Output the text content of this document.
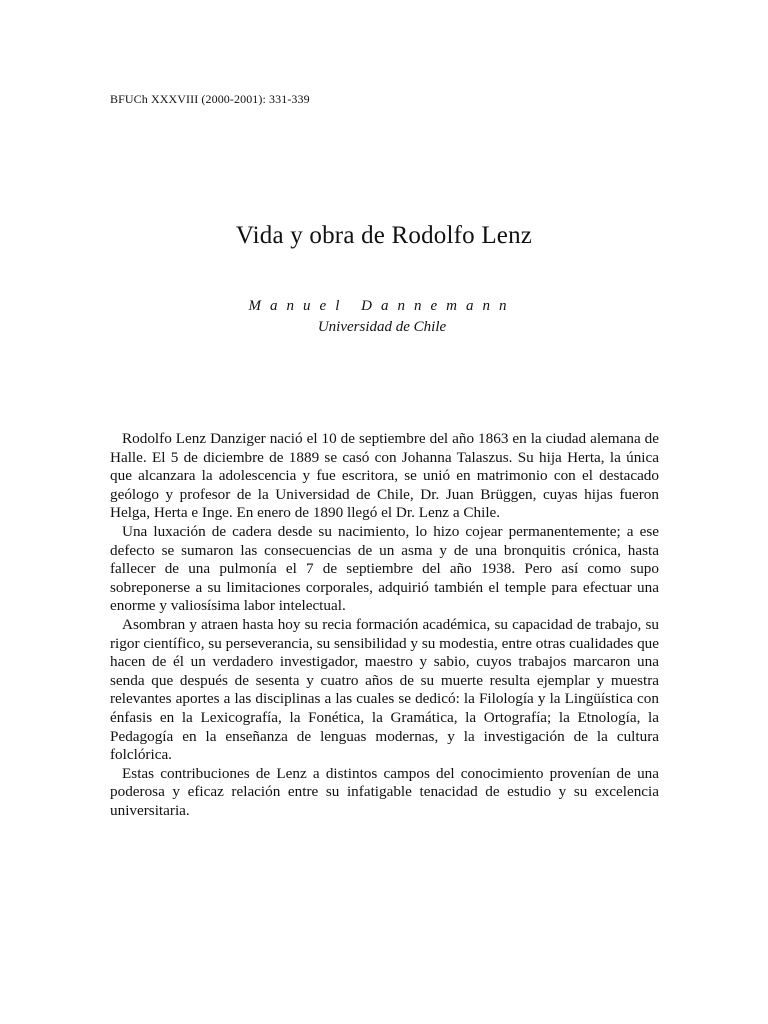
BFUCh XXXVIII (2000-2001): 331-339
Vida y obra de Rodolfo Lenz
Manuel Dannemann
Universidad de Chile

Rodolfo Lenz Danziger nació el 10 de septiembre del año 1863 en la ciudad alemana de Halle. El 5 de diciembre de 1889 se casó con Johanna Talaszus. Su hija Herta, la única que alcanzara la adolescencia y fue escritora, se unió en matrimonio con el destacado geólogo y profesor de la Universidad de Chile, Dr. Juan Brüggen, cuyas hijas fueron Helga, Herta e Inge. En enero de 1890 llegó el Dr. Lenz a Chile.

Una luxación de cadera desde su nacimiento, lo hizo cojear permanentemente; a ese defecto se sumaron las consecuencias de un asma y de una bronquitis crónica, hasta fallecer de una pulmonía el 7 de septiembre del año 1938. Pero así como supo sobreponerse a su limitaciones corporales, adquirió también el temple para efectuar una enorme y valiosísima labor intelectual.

Asombran y atraen hasta hoy su recia formación académica, su capacidad de trabajo, su rigor científico, su perseverancia, su sensibilidad y su modestia, entre otras cualidades que hacen de él un verdadero investigador, maestro y sabio, cuyos trabajos marcaron una senda que después de sesenta y cuatro años de su muerte resulta ejemplar y muestra relevantes aportes a las disciplinas a las cuales se dedicó: la Filología y la Lingüística con énfasis en la Lexicografía, la Fonética, la Gramática, la Ortografía; la Etnología, la Pedagogía en la enseñanza de lenguas modernas, y la investigación de la cultura folclórica.

Estas contribuciones de Lenz a distintos campos del conocimiento provenían de una poderosa y eficaz relación entre su infatigable tenacidad de estudio y su excelencia universitaria.
